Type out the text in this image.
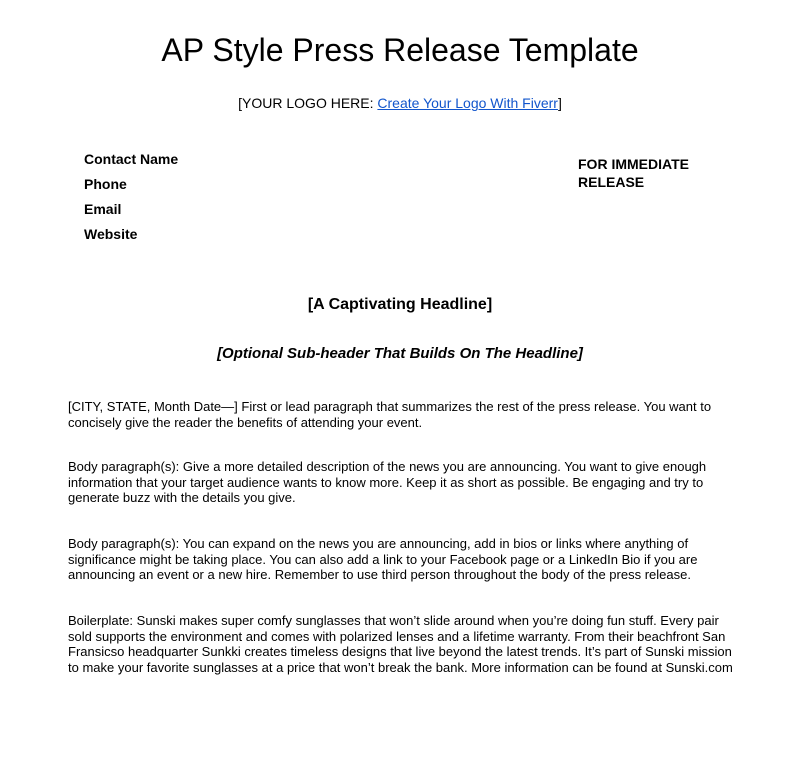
AP Style Press Release Template
[YOUR LOGO HERE: Create Your Logo With Fiverr]
Contact Name
Phone
Email
Website
FOR IMMEDIATE RELEASE
[A Captivating Headline]
[Optional Sub-header That Builds On The Headline]

[CITY, STATE, Month Date—] First or lead paragraph that summarizes the rest of the press release. You want to concisely give the reader the benefits of attending your event.

Body paragraph(s): Give a more detailed description of the news you are announcing. You want to give enough information that your target audience wants to know more. Keep it as short as possible. Be engaging and try to generate buzz with the details you give.

Body paragraph(s): You can expand on the news you are announcing, add in bios or links where anything of significance might be taking place. You can also add a link to your Facebook page or a LinkedIn Bio if you are announcing an event or a new hire. Remember to use third person throughout the body of the press release.

Boilerplate: Sunski makes super comfy sunglasses that won’t slide around when you’re doing fun stuff. Every pair sold supports the environment and comes with polarized lenses and a lifetime warranty. From their beachfront San Fransicso headquarter Sunkki creates timeless designs that live beyond the latest trends. It’s part of Sunski mission to make your favorite sunglasses at a price that won’t break the bank. More information can be found at Sunski.com
